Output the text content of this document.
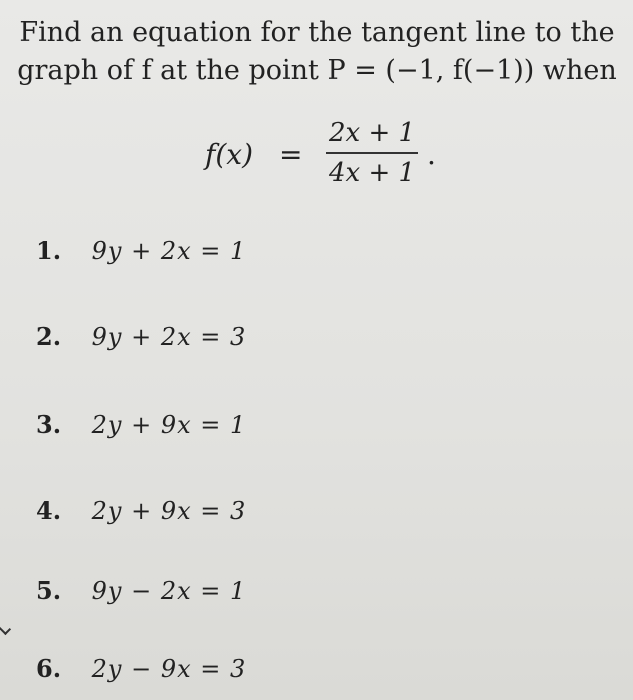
Find an equation for the tangent line to the
graph of f at the point P = (−1, f(−1)) when
f(x) =
2x + 1
4x + 1
.
1. 9y + 2x = 1
2. 9y + 2x = 3
3. 2y + 9x = 1
4. 2y + 9x = 3
5. 9y − 2x = 1
6. 2y − 9x = 3
